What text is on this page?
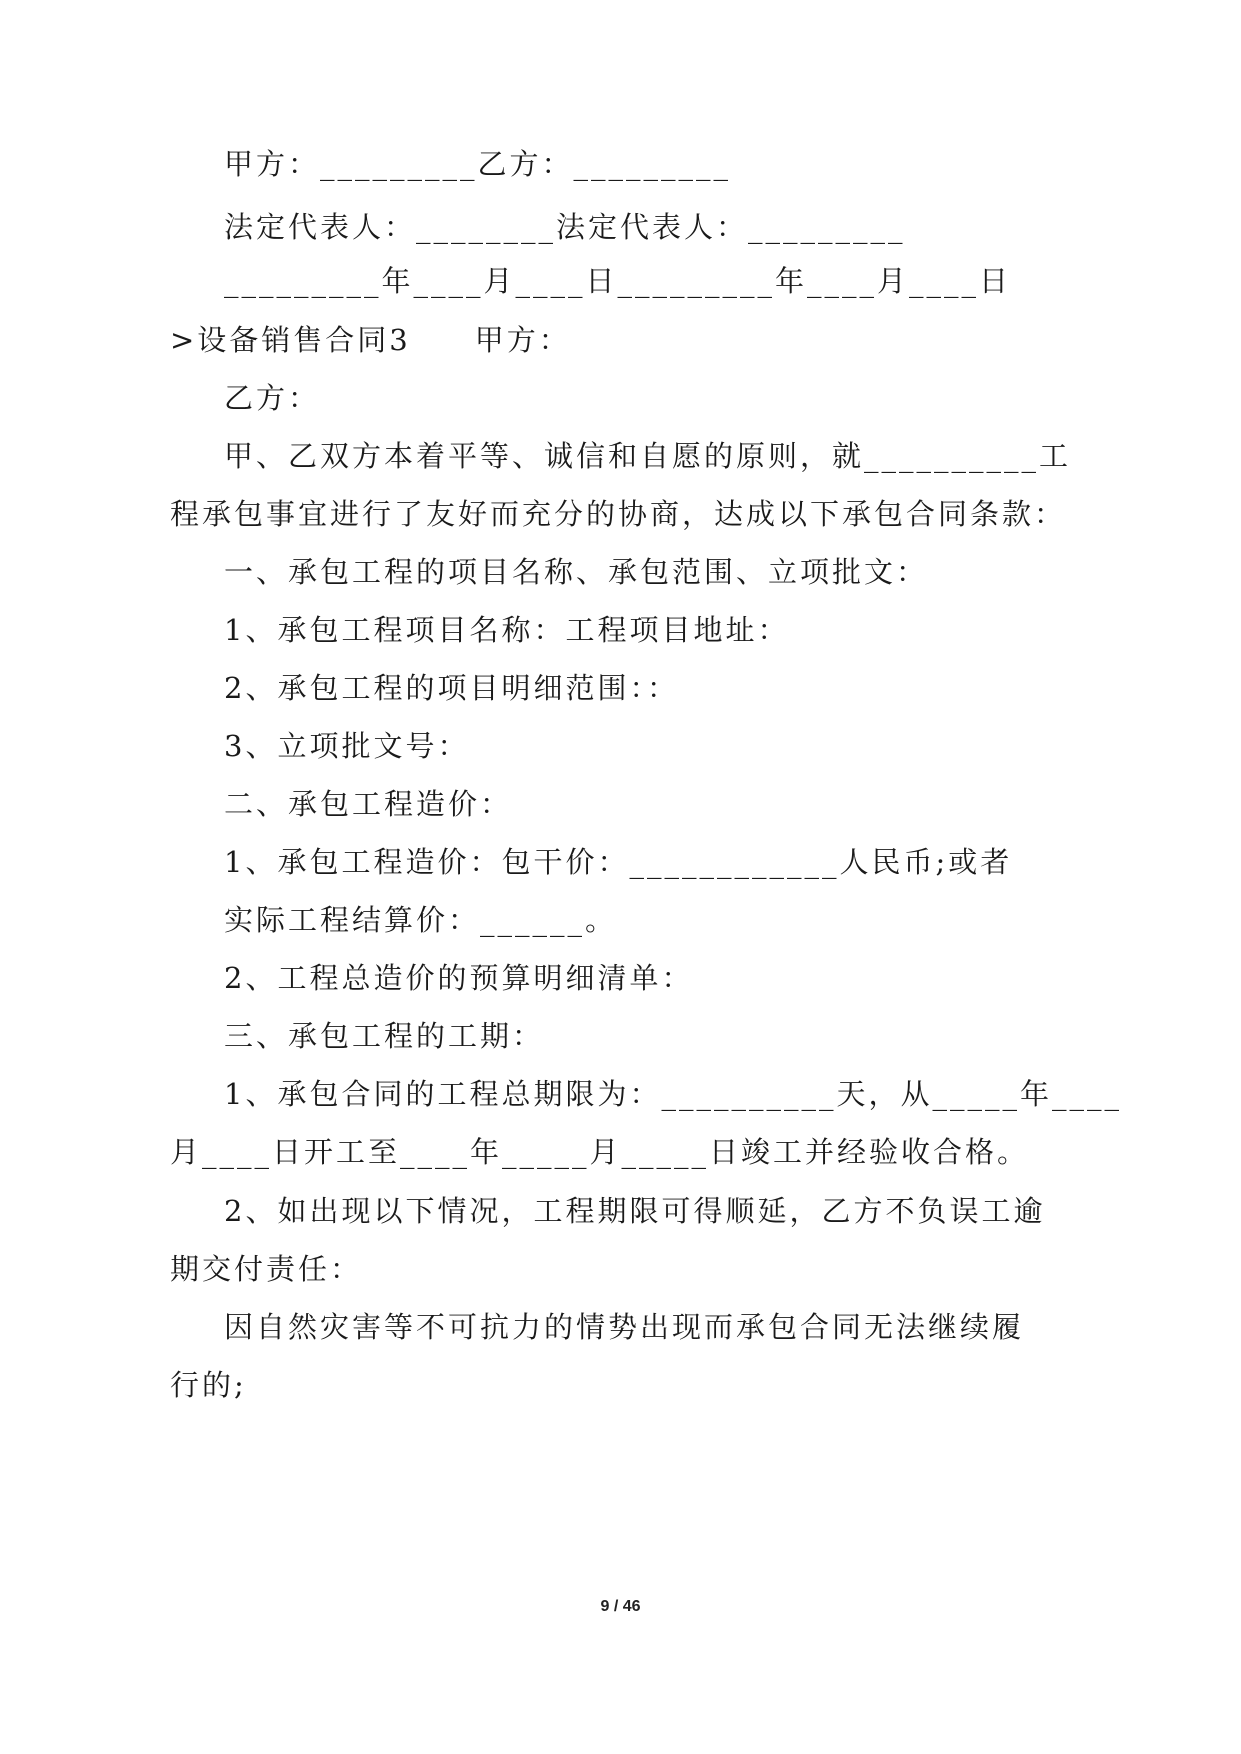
甲方：_________乙方：_________
法定代表人：________法定代表人：_________
_________年____月____日_________年____月____日
>设备销售合同3　　甲方：
乙方：
甲、乙双方本着平等、诚信和自愿的原则，就__________工
程承包事宜进行了友好而充分的协商，达成以下承包合同条款：
一、承包工程的项目名称、承包范围、立项批文：
1、承包工程项目名称：工程项目地址：
2、承包工程的项目明细范围：：
3、立项批文号：
二、承包工程造价：
1、承包工程造价：包干价：____________人民币;或者
实际工程结算价：______。
2、工程总造价的预算明细清单：
三、承包工程的工期：
1、承包合同的工程总期限为：__________天，从_____年____
月____日开工至____年_____月_____日竣工并经验收合格。
2、如出现以下情况，工程期限可得顺延，乙方不负误工逾
期交付责任：
因自然灾害等不可抗力的情势出现而承包合同无法继续履
行的;
9 / 46
